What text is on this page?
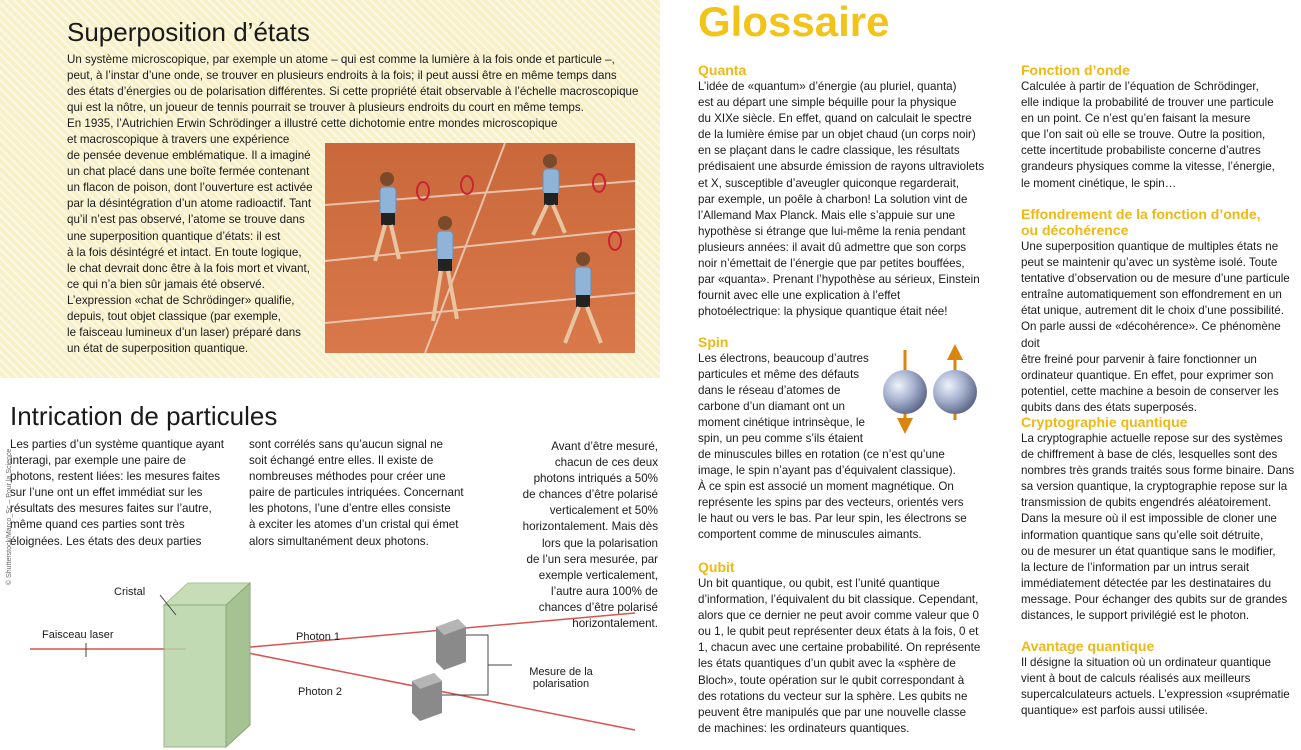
Superposition d’états

Un système microscopique, par exemple un atome – qui est comme la lumière à la fois onde et particule –,
peut, à l’instar d’une onde, se trouver en plusieurs endroits à la fois; il peut aussi être en même temps dans
des états d’énergies ou de polarisation différentes. Si cette propriété était observable à l’échelle macroscopique
qui est la nôtre, un joueur de tennis pourrait se trouver à plusieurs endroits du court en même temps.
En 1935, l’Autrichien Erwin Schrödinger a illustré cette dichotomie entre mondes microscopique

et macroscopique à travers une expérience
de pensée devenue emblématique. Il a imaginé
un chat placé dans une boîte fermée contenant
un flacon de poison, dont l’ouverture est activée
par la désintégration d’un atome radioactif. Tant
qu’il n’est pas observé, l’atome se trouve dans
une superposition quantique d’états: il est
à la fois désintégré et intact. En toute logique,
le chat devrait donc être à la fois mort et vivant,
ce qui n’a bien sûr jamais été observé.
L’expression «chat de Schrödinger» qualifie,
depuis, tout objet classique (par exemple,
le faisceau lumineux d’un laser) préparé dans
un état de superposition quantique.

Intrication de particules

Les parties d’un système quantique ayant
interagi, par exemple une paire de
photons, restent liées: les mesures faites
sur l’une ont un effet immédiat sur les
résultats des mesures faites sur l’autre,
même quand ces parties sont très
éloignées. Les états des deux parties

sont corrélés sans qu’aucun signal ne
soit échangé entre elles. Il existe de
nombreuses méthodes pour créer une
paire de particules intriquées. Concernant
les photons, l’une d’entre elles consiste
à exciter les atomes d’un cristal qui émet
alors simultanément deux photons.

Avant d’être mesuré,
chacun de ces deux
photons intriqués a 50%
de chances d’être polarisé
verticalement et 50%
horizontalement. Mais dès
lors que la polarisation
de l’un sera mesurée, par
exemple verticalement,
l’autre aura 100% de
chances d’être polarisé
horizontalement.

© Shutterstock/Marco_Sc – Pour la Science
Cristal
Faisceau laser	Photon 1
Photon 2
Mesure de la
polarisation
Glossaire
Quanta

L’idée de «quantum» d’énergie (au pluriel, quanta)
est au départ une simple béquille pour la physique
du XIXe siècle. En effet, quand on calculait le spectre
de la lumière émise par un objet chaud (un corps noir)
en se plaçant dans le cadre classique, les résultats
prédisaient une absurde émission de rayons ultraviolets
et X, susceptible d’aveugler quiconque regarderait,
par exemple, un poêle à charbon! La solution vint de
l’Allemand Max Planck. Mais elle s’appuie sur une
hypothèse si étrange que lui-même la renia pendant
plusieurs années: il avait dû admettre que son corps
noir n’émettait de l’énergie que par petites bouffées,
par «quanta». Prenant l’hypothèse au sérieux, Einstein
fournit avec elle une explication à l’effet
photoélectrique: la physique quantique était née!

Spin

Les électrons, beaucoup d’autres
particules et même des défauts
dans le réseau d’atomes de
carbone d’un diamant ont un
moment cinétique intrinsèque, le
spin, un peu comme s’ils étaient

de minuscules billes en rotation (ce n’est qu’une
image, le spin n’ayant pas d’équivalent classique).
À ce spin est associé un moment magnétique. On
représente les spins par des vecteurs, orientés vers
le haut ou vers le bas. Par leur spin, les électrons se
comportent comme de minuscules aimants.

Qubit

Un bit quantique, ou qubit, est l’unité quantique
d’information, l’équivalent du bit classique. Cependant,
alors que ce dernier ne peut avoir comme valeur que 0
ou 1, le qubit peut représenter deux états à la fois, 0 et
1, chacun avec une certaine probabilité. On représente
les états quantiques d’un qubit avec la «sphère de
Bloch», toute opération sur le qubit correspondant à
des rotations du vecteur sur la sphère. Les qubits ne
peuvent être manipulés que par une nouvelle classe
de machines: les ordinateurs quantiques.

Fonction d’onde

Calculée à partir de l’équation de Schrödinger,
elle indique la probabilité de trouver une particule
en un point. Ce n’est qu’en faisant la mesure
que l’on sait où elle se trouve. Outre la position,
cette incertitude probabiliste concerne d’autres
grandeurs physiques comme la vitesse, l’énergie,
le moment cinétique, le spin…

Effondrement de la fonction d’onde,
ou décohérence

Une superposition quantique de multiples états ne
peut se maintenir qu’avec un système isolé. Toute
tentative d’observation ou de mesure d’une particule
entraîne automatiquement son effondrement en un
état unique, autrement dit le choix d’une possibilité.
On parle aussi de «décohérence». Ce phénomène doit
être freiné pour parvenir à faire fonctionner un
ordinateur quantique. En effet, pour exprimer son
potentiel, cette machine a besoin de conserver les
qubits dans des états superposés.

Cryptographie quantique

La cryptographie actuelle repose sur des systèmes
de chiffrement à base de clés, lesquelles sont des
nombres très grands traités sous forme binaire. Dans
sa version quantique, la cryptographie repose sur la
transmission de qubits engendrés aléatoirement.
Dans la mesure où il est impossible de cloner une
information quantique sans qu’elle soit détruite,
ou de mesurer un état quantique sans le modifier,
la lecture de l’information par un intrus serait
immédiatement détectée par les destinataires du
message. Pour échanger des qubits sur de grandes
distances, le support privilégié est le photon.

Avantage quantique

Il désigne la situation où un ordinateur quantique
vient à bout de calculs réalisés aux meilleurs
supercalculateurs actuels. L’expression «suprématie
quantique» est parfois aussi utilisée.
